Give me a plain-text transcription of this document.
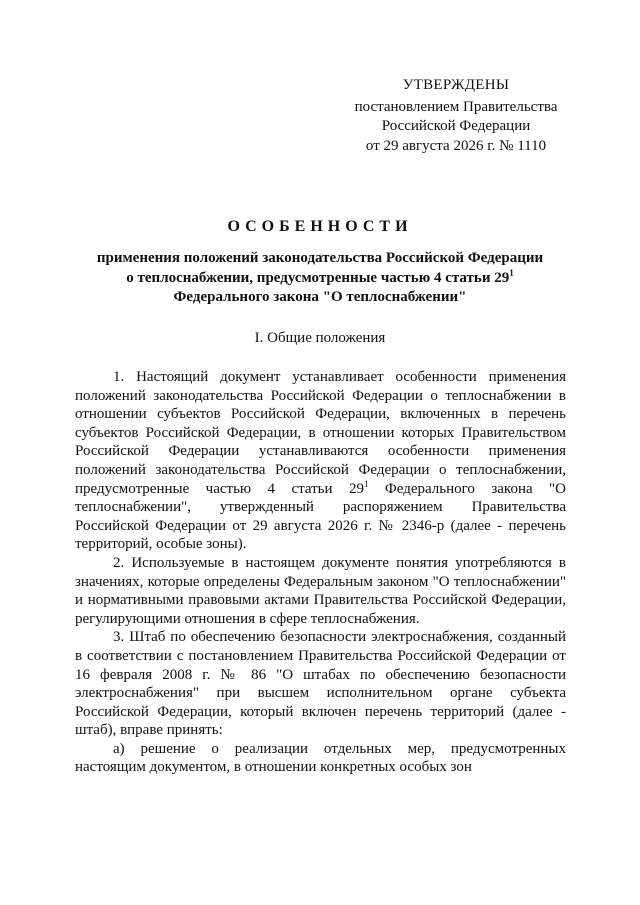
УТВЕРЖДЕНЫ
постановлением Правительства
Российской Федерации
от 29 августа 2026 г. № 1110
ОСОБЕННОСТИ
применения положений законодательства Российской Федерации
о теплоснабжении, предусмотренные частью 4 статьи $29^1$
Федерального закона "О теплоснабжении"
I. Общие положения

1. Настоящий документ устанавливает особенности применения положений законодательства Российской Федерации о теплоснабжении в отношении субъектов Российской Федерации, включенных в перечень субъектов Российской Федерации, в отношении которых Правительством Российской Федерации устанавливаются особенности применения положений законодательства Российской Федерации о теплоснабжении, предусмотренные частью 4 статьи $29^1$ Федерального закона "О теплоснабжении", утвержденный распоряжением Правительства Российской Федерации от 29 августа 2026 г. № 2346-р (далее - перечень территорий, особые зоны).

2. Используемые в настоящем документе понятия употребляются в значениях, которые определены Федеральным законом "О теплоснабжении" и нормативными правовыми актами Правительства Российской Федерации, регулирующими отношения в сфере теплоснабжения.

3. Штаб по обеспечению безопасности электроснабжения, созданный в соответствии с постановлением Правительства Российской Федерации от 16 февраля 2008 г. № 86 "О штабах по обеспечению безопасности электроснабжения" при высшем исполнительном органе субъекта Российской Федерации, который включен перечень территорий (далее - штаб), вправе принять:

а) решение о реализации отдельных мер, предусмотренных настоящим документом, в отношении конкретных особых зон
